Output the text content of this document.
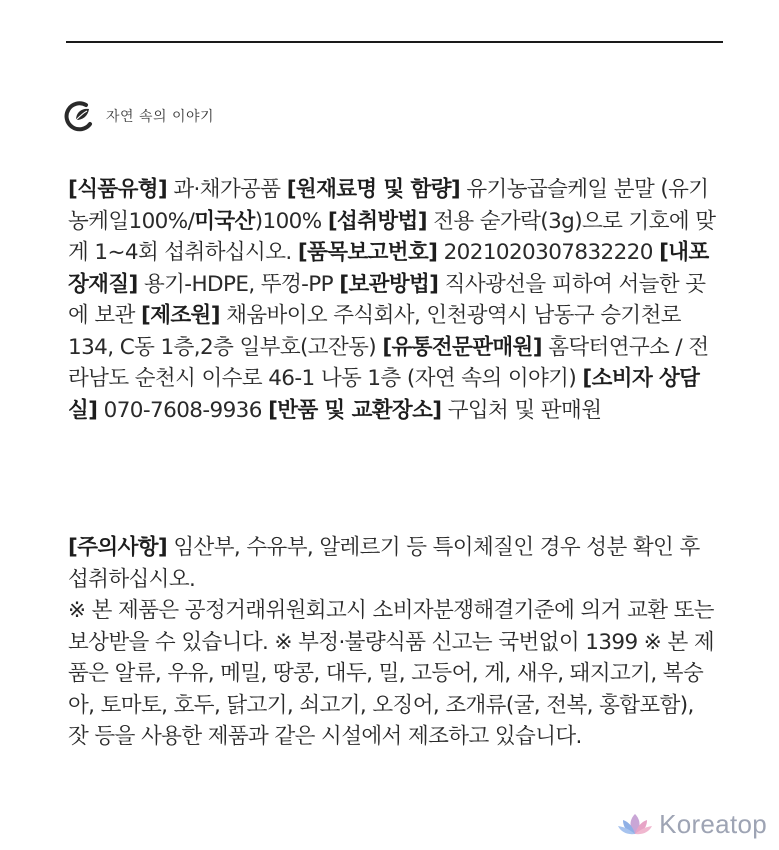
자연 속의 이야기
[식품유형] 과·채가공품 [원재료명 및 함량] 유기농곱슬케일 분말 (유기농케일100%/미국산)100% [섭취방법] 전용 숟가락(3g)으로 기호에 맞게 1~4회 섭취하십시오. [품목보고번호] 2021020307832220 [내포장재질] 용기-HDPE, 뚜껑-PP [보관방법] 직사광선을 피하여 서늘한 곳에 보관 [제조원] 채움바이오 주식회사, 인천광역시 남동구 승기천로 134, C동 1층,2층 일부호(고잔동) [유통전문판매원] 홈닥터연구소 / 전라남도 순천시 이수로 46-1 나동 1층 (자연 속의 이야기) [소비자 상담실] 070-7608-9936 [반품 및 교환장소] 구입처 및 판매원
[주의사항] 임산부, 수유부, 알레르기 등 특이체질인 경우 성분 확인 후 섭취하십시오.
※ 본 제품은 공정거래위원회고시 소비자분쟁해결기준에 의거 교환 또는 보상받을 수 있습니다. ※ 부정·불량식품 신고는 국번없이 1399 ※ 본 제품은 알류, 우유, 메밀, 땅콩, 대두, 밀, 고등어, 게, 새우, 돼지고기, 복숭아, 토마토, 호두, 닭고기, 쇠고기, 오징어, 조개류(굴, 전복, 홍합포함), 잣 등을 사용한 제품과 같은 시설에서 제조하고 있습니다.
Koreatop
